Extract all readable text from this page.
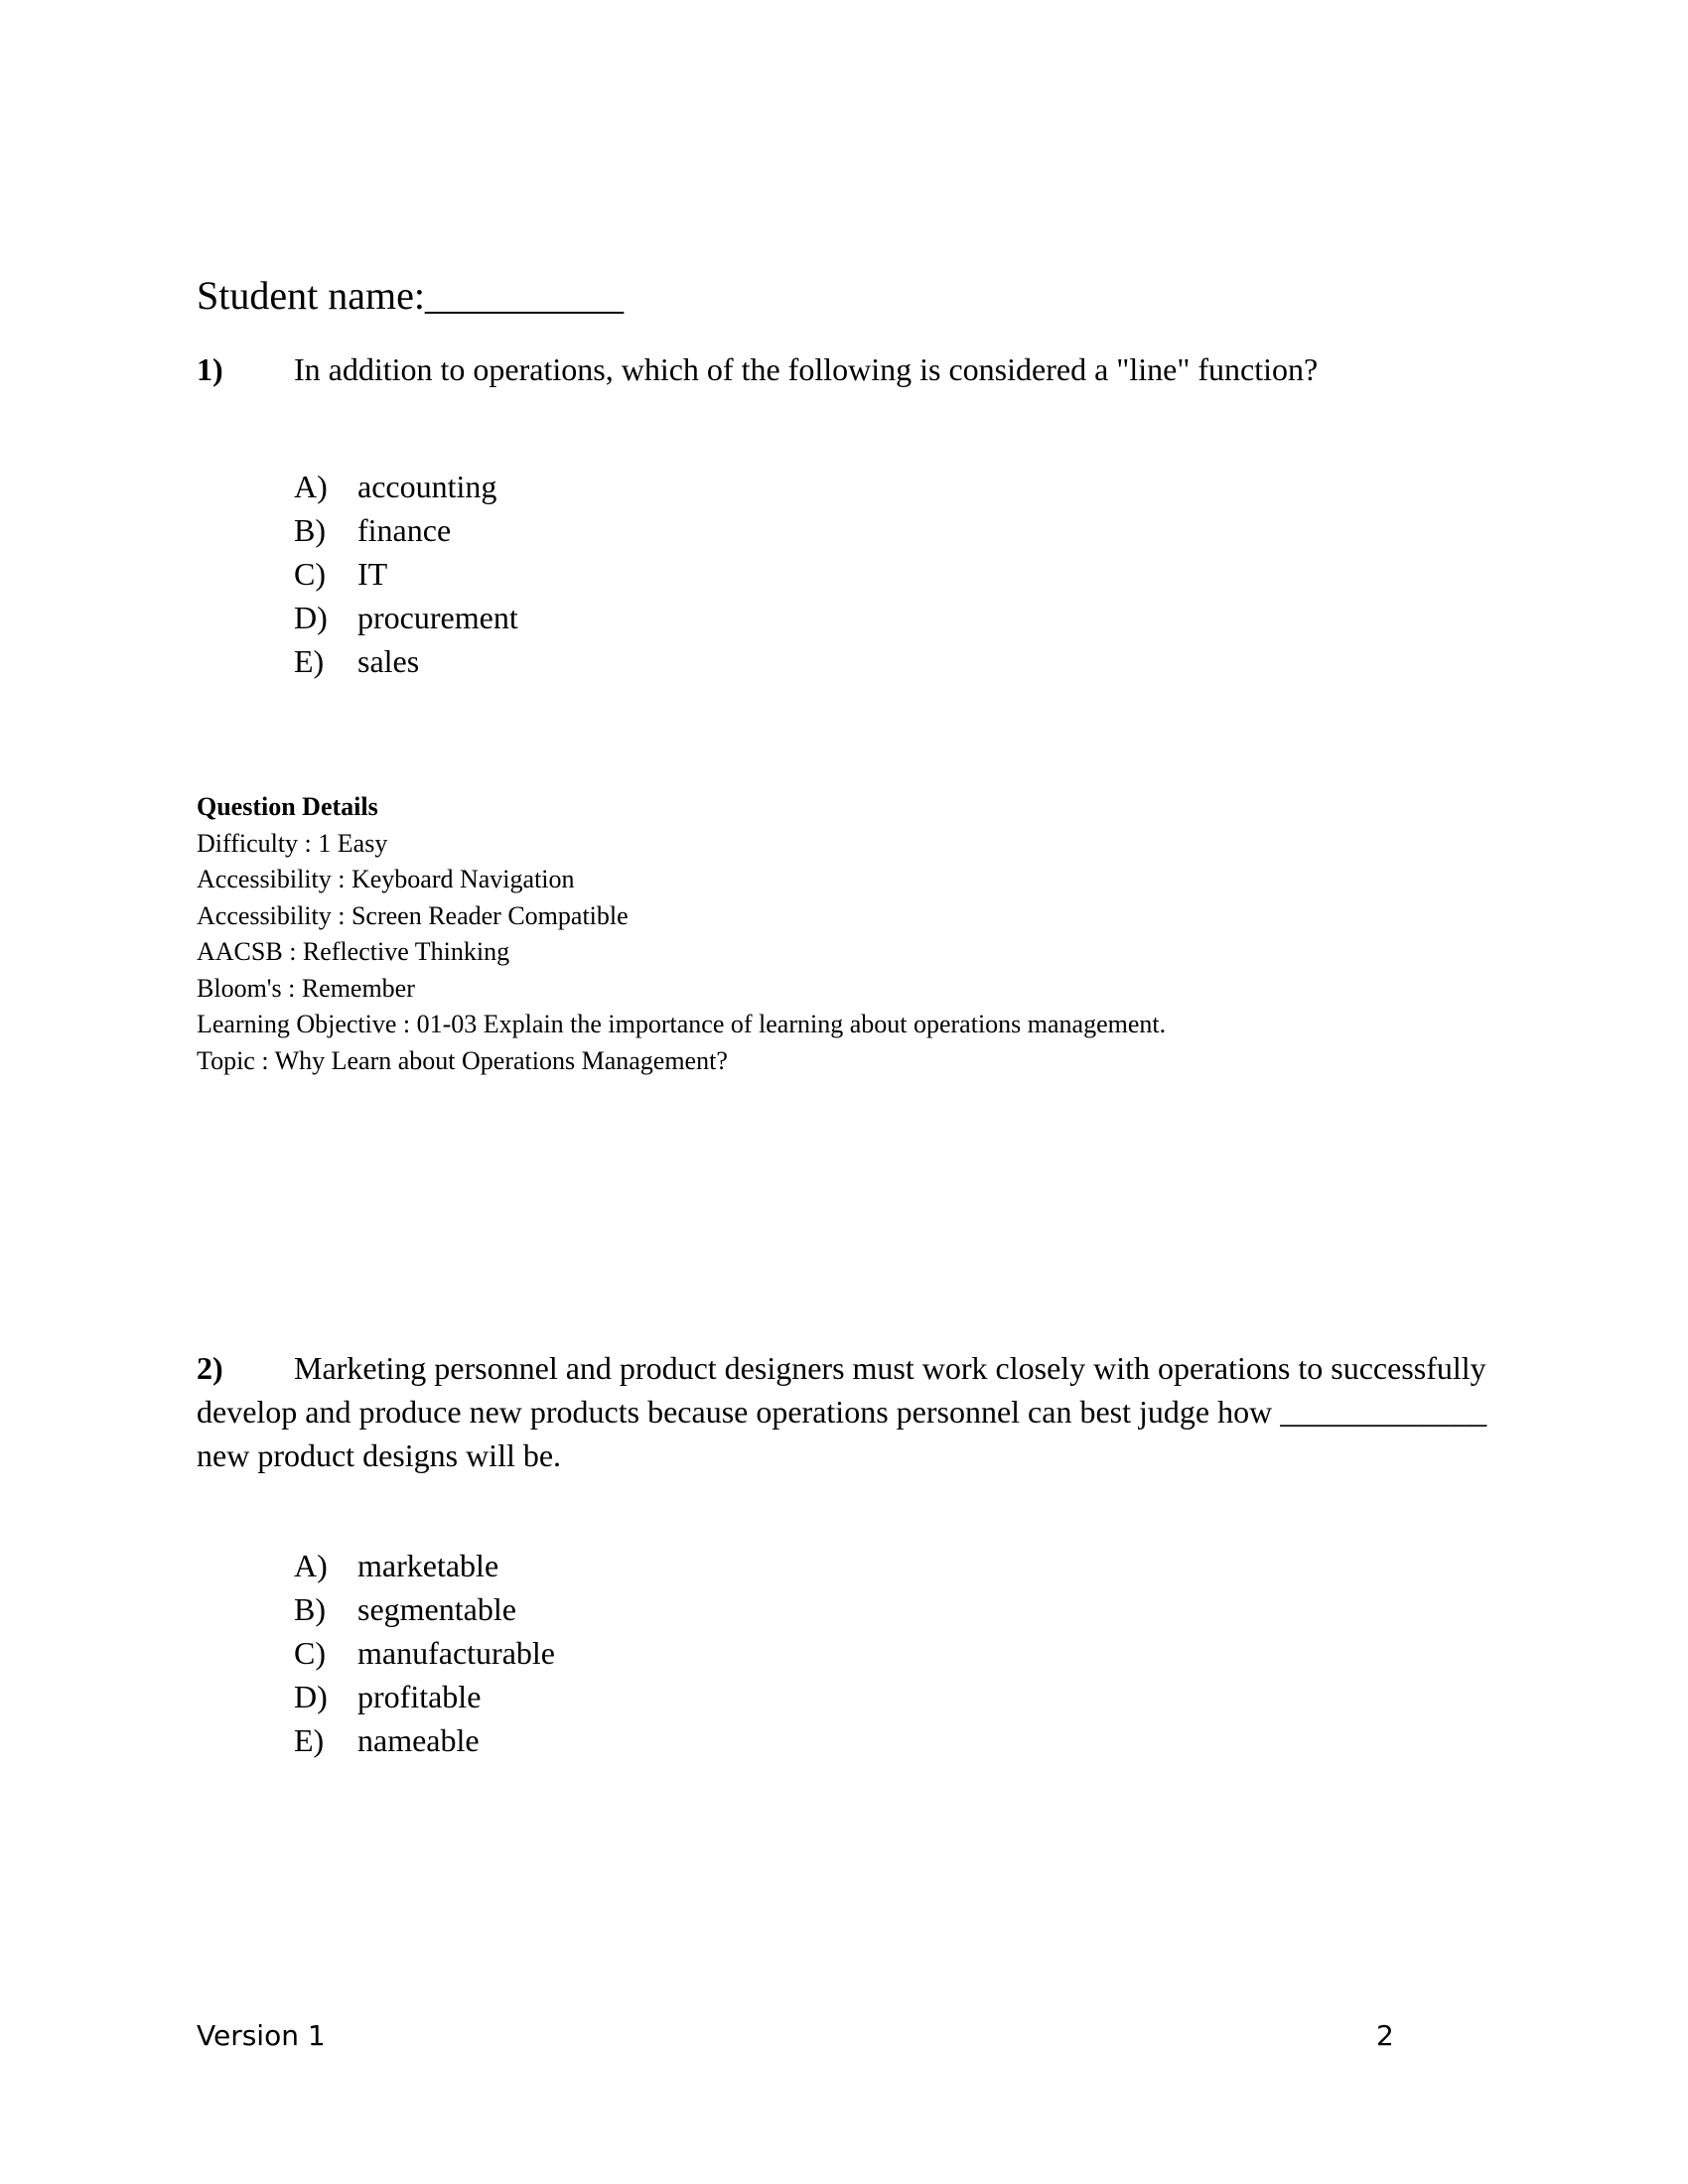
Student name:__________
1) In addition to operations, which of the following is considered a "line" function?
A) accounting
B) finance
C) IT
D) procurement
E) sales
Question Details
Difficulty : 1 Easy
Accessibility : Keyboard Navigation
Accessibility : Screen Reader Compatible
AACSB : Reflective Thinking
Bloom's : Remember
Learning Objective : 01-03 Explain the importance of learning about operations management.
Topic : Why Learn about Operations Management?
2) Marketing personnel and product designers must work closely with operations to successfully develop and produce new products because operations personnel can best judge how _____________ new product designs will be.
A) marketable
B) segmentable
C) manufacturable
D) profitable
E) nameable
Version 1	2
